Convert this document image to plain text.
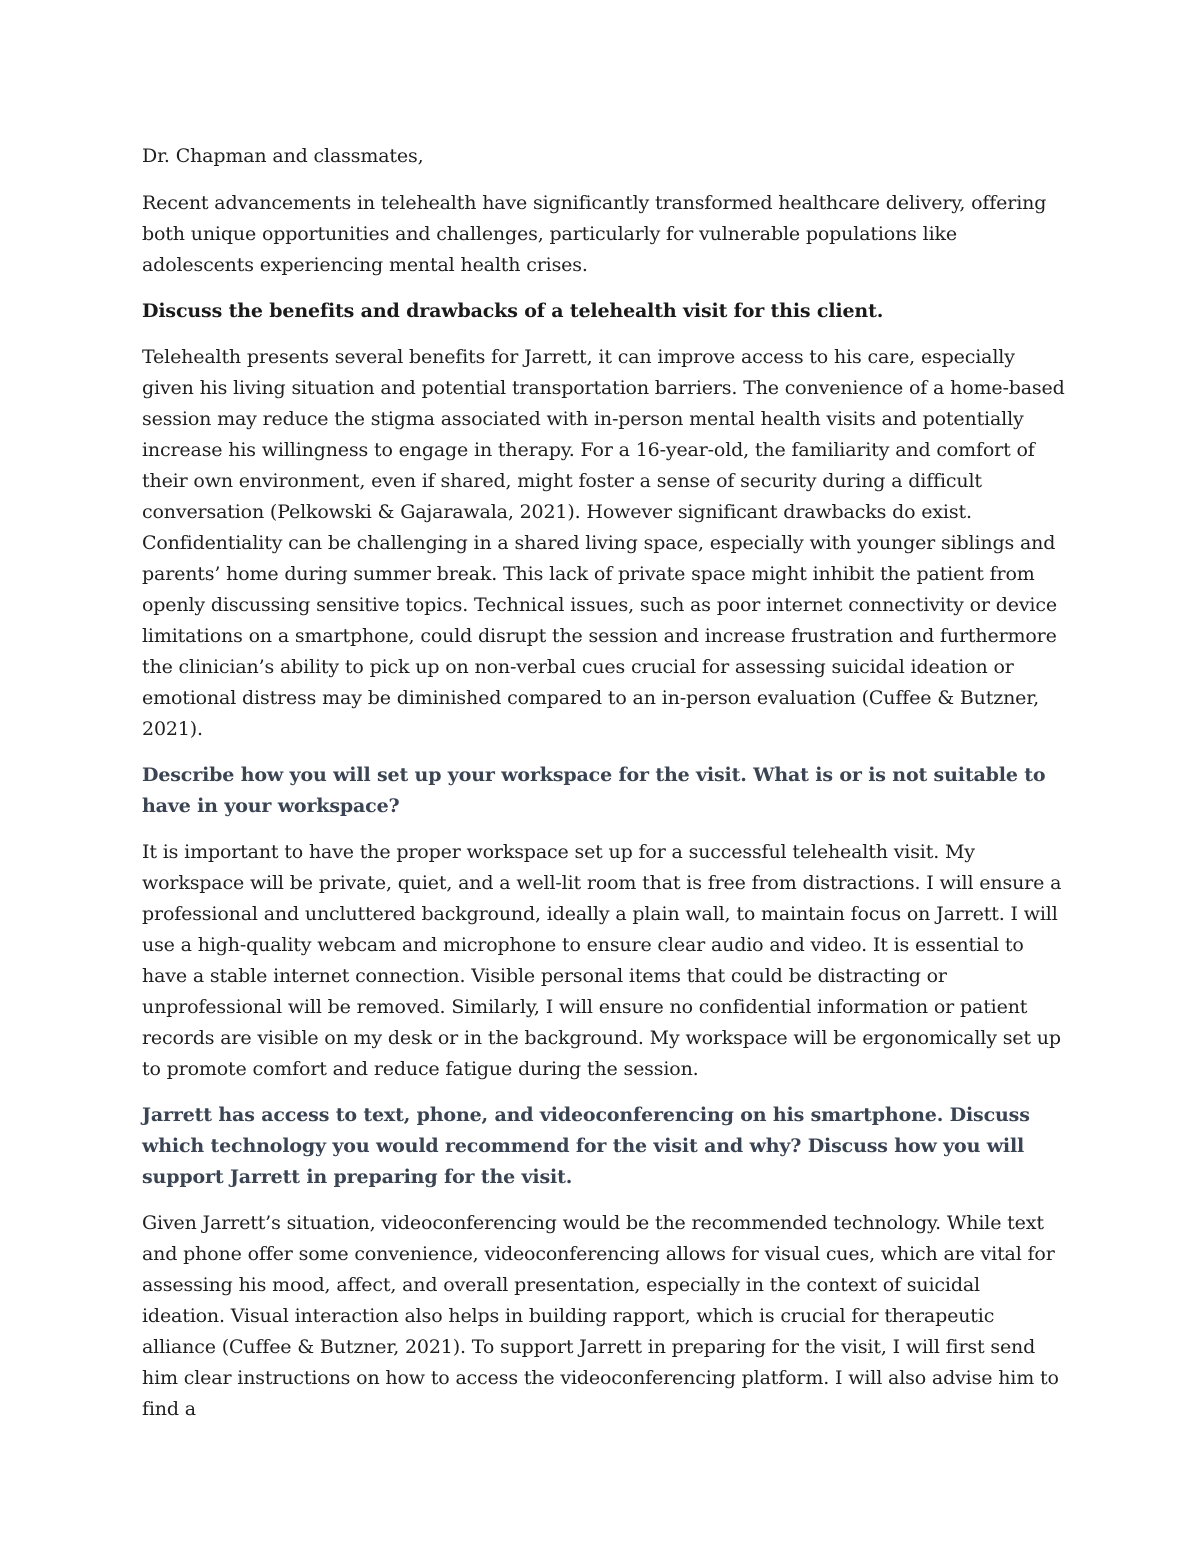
Dr. Chapman and classmates,

Recent advancements in telehealth have significantly transformed healthcare delivery, offering both unique opportunities and challenges, particularly for vulnerable populations like adolescents experiencing mental health crises.

Discuss the benefits and drawbacks of a telehealth visit for this client.

Telehealth presents several benefits for Jarrett, it can improve access to his care, especially given his living situation and potential transportation barriers. The convenience of a home-based session may reduce the stigma associated with in-person mental health visits and potentially increase his willingness to engage in therapy. For a 16-year-old, the familiarity and comfort of their own environment, even if shared, might foster a sense of security during a difficult conversation (Pelkowski & Gajarawala, 2021). However significant drawbacks do exist. Confidentiality can be challenging in a shared living space, especially with younger siblings and parents’ home during summer break. This lack of private space might inhibit the patient from openly discussing sensitive topics. Technical issues, such as poor internet connectivity or device limitations on a smartphone, could disrupt the session and increase frustration and furthermore the clinician’s ability to pick up on non-verbal cues crucial for assessing suicidal ideation or emotional distress may be diminished compared to an in-person evaluation (Cuffee & Butzner, 2021).

Describe how you will set up your workspace for the visit. What is or is not suitable to have in your workspace?

It is important to have the proper workspace set up for a successful telehealth visit. My workspace will be private, quiet, and a well-lit room that is free from distractions. I will ensure a professional and uncluttered background, ideally a plain wall, to maintain focus on Jarrett. I will use a high-quality webcam and microphone to ensure clear audio and video. It is essential to have a stable internet connection. Visible personal items that could be distracting or unprofessional will be removed. Similarly, I will ensure no confidential information or patient records are visible on my desk or in the background. My workspace will be ergonomically set up to promote comfort and reduce fatigue during the session.

Jarrett has access to text, phone, and videoconferencing on his smartphone. Discuss which technology you would recommend for the visit and why? Discuss how you will support Jarrett in preparing for the visit.

Given Jarrett’s situation, videoconferencing would be the recommended technology. While text and phone offer some convenience, videoconferencing allows for visual cues, which are vital for assessing his mood, affect, and overall presentation, especially in the context of suicidal ideation. Visual interaction also helps in building rapport, which is crucial for therapeutic alliance (Cuffee & Butzner, 2021). To support Jarrett in preparing for the visit, I will first send him clear instructions on how to access the videoconferencing platform. I will also advise him to find a
